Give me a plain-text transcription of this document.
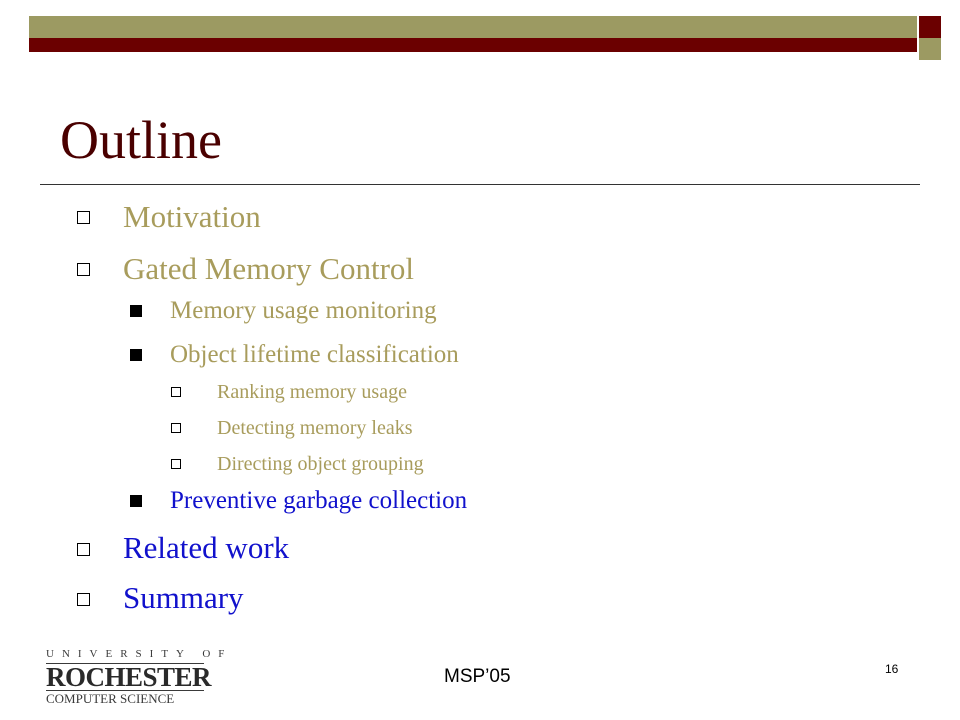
Outline
Motivation
Gated Memory Control
Memory usage monitoring
Object lifetime classification
Ranking memory usage
Detecting memory leaks
Directing object grouping
Preventive garbage collection
Related work
Summary
UNIVERSITY OF
ROCHESTER
COMPUTER SCIENCE
MSP’05	16
